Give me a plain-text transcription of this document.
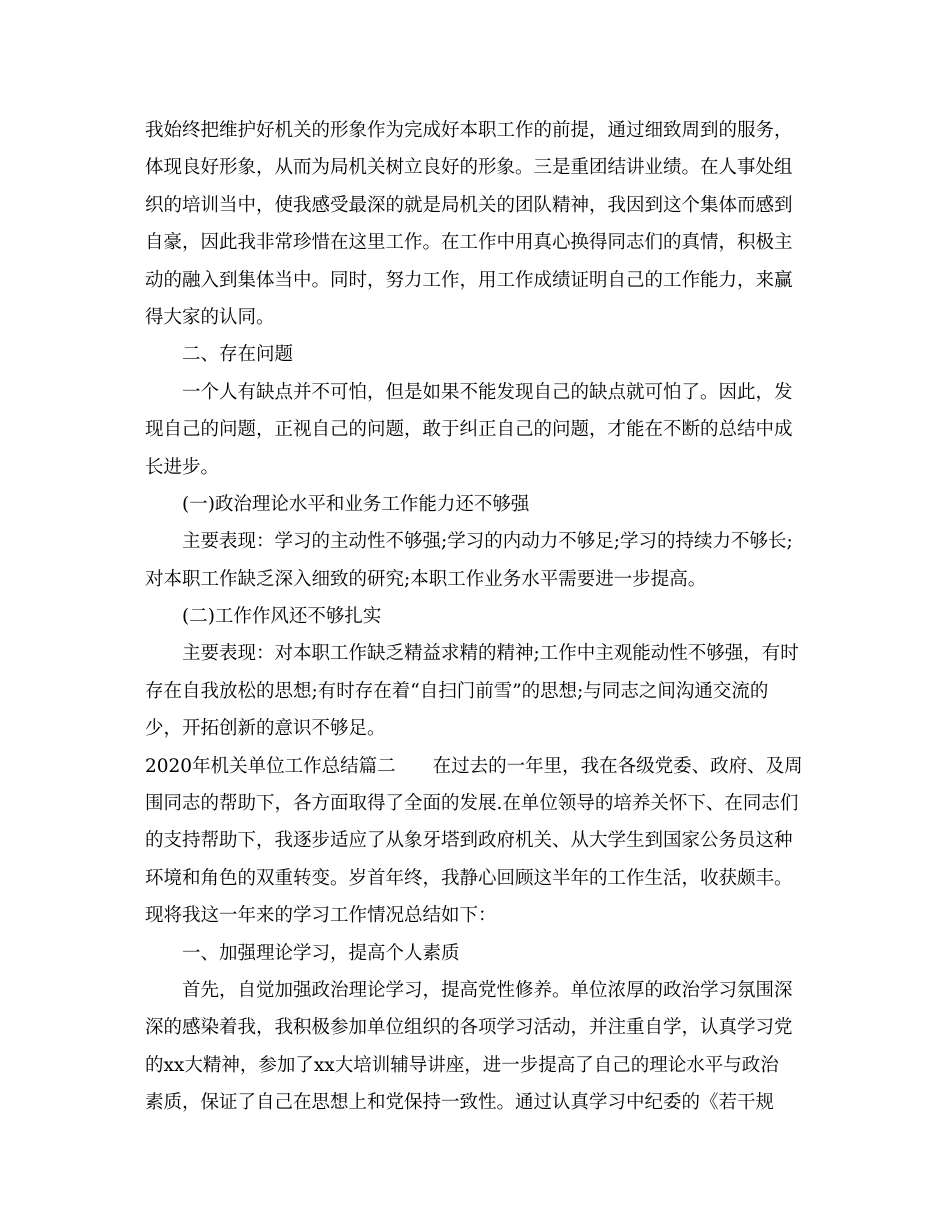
我始终把维护好机关的形象作为完成好本职工作的前提，通过细致周到的服务，
体现良好形象，从而为局机关树立良好的形象。三是重团结讲业绩。在人事处组
织的培训当中，使我感受最深的就是局机关的团队精神，我因到这个集体而感到
自豪，因此我非常珍惜在这里工作。在工作中用真心换得同志们的真情，积极主
动的融入到集体当中。同时，努力工作，用工作成绩证明自己的工作能力，来赢
得大家的认同。
二、存在问题
一个人有缺点并不可怕，但是如果不能发现自己的缺点就可怕了。因此，发
现自己的问题，正视自己的问题，敢于纠正自己的问题，才能在不断的总结中成
长进步。
(一)政治理论水平和业务工作能力还不够强
主要表现：学习的主动性不够强;学习的内动力不够足;学习的持续力不够长;
对本职工作缺乏深入细致的研究;本职工作业务水平需要进一步提高。
(二)工作作风还不够扎实
主要表现：对本职工作缺乏精益求精的精神;工作中主观能动性不够强，有时
存在自我放松的思想;有时存在着“自扫门前雪”的思想;与同志之间沟通交流的
少，开拓创新的意识不够足。
2020年机关单位工作总结篇二　　在过去的一年里，我在各级党委、政府、及周
围同志的帮助下，各方面取得了全面的发展.在单位领导的培养关怀下、在同志们
的支持帮助下，我逐步适应了从象牙塔到政府机关、从大学生到国家公务员这种
环境和角色的双重转变。岁首年终，我静心回顾这半年的工作生活，收获颇丰。
现将我这一年来的学习工作情况总结如下：
一、加强理论学习，提高个人素质
首先，自觉加强政治理论学习，提高党性修养。单位浓厚的政治学习氛围深
深的感染着我，我积极参加单位组织的各项学习活动，并注重自学，认真学习党
的xx大精神，参加了xx大培训辅导讲座，进一步提高了自己的理论水平与政治
素质，保证了自己在思想上和党保持一致性。通过认真学习中纪委的《若干规
